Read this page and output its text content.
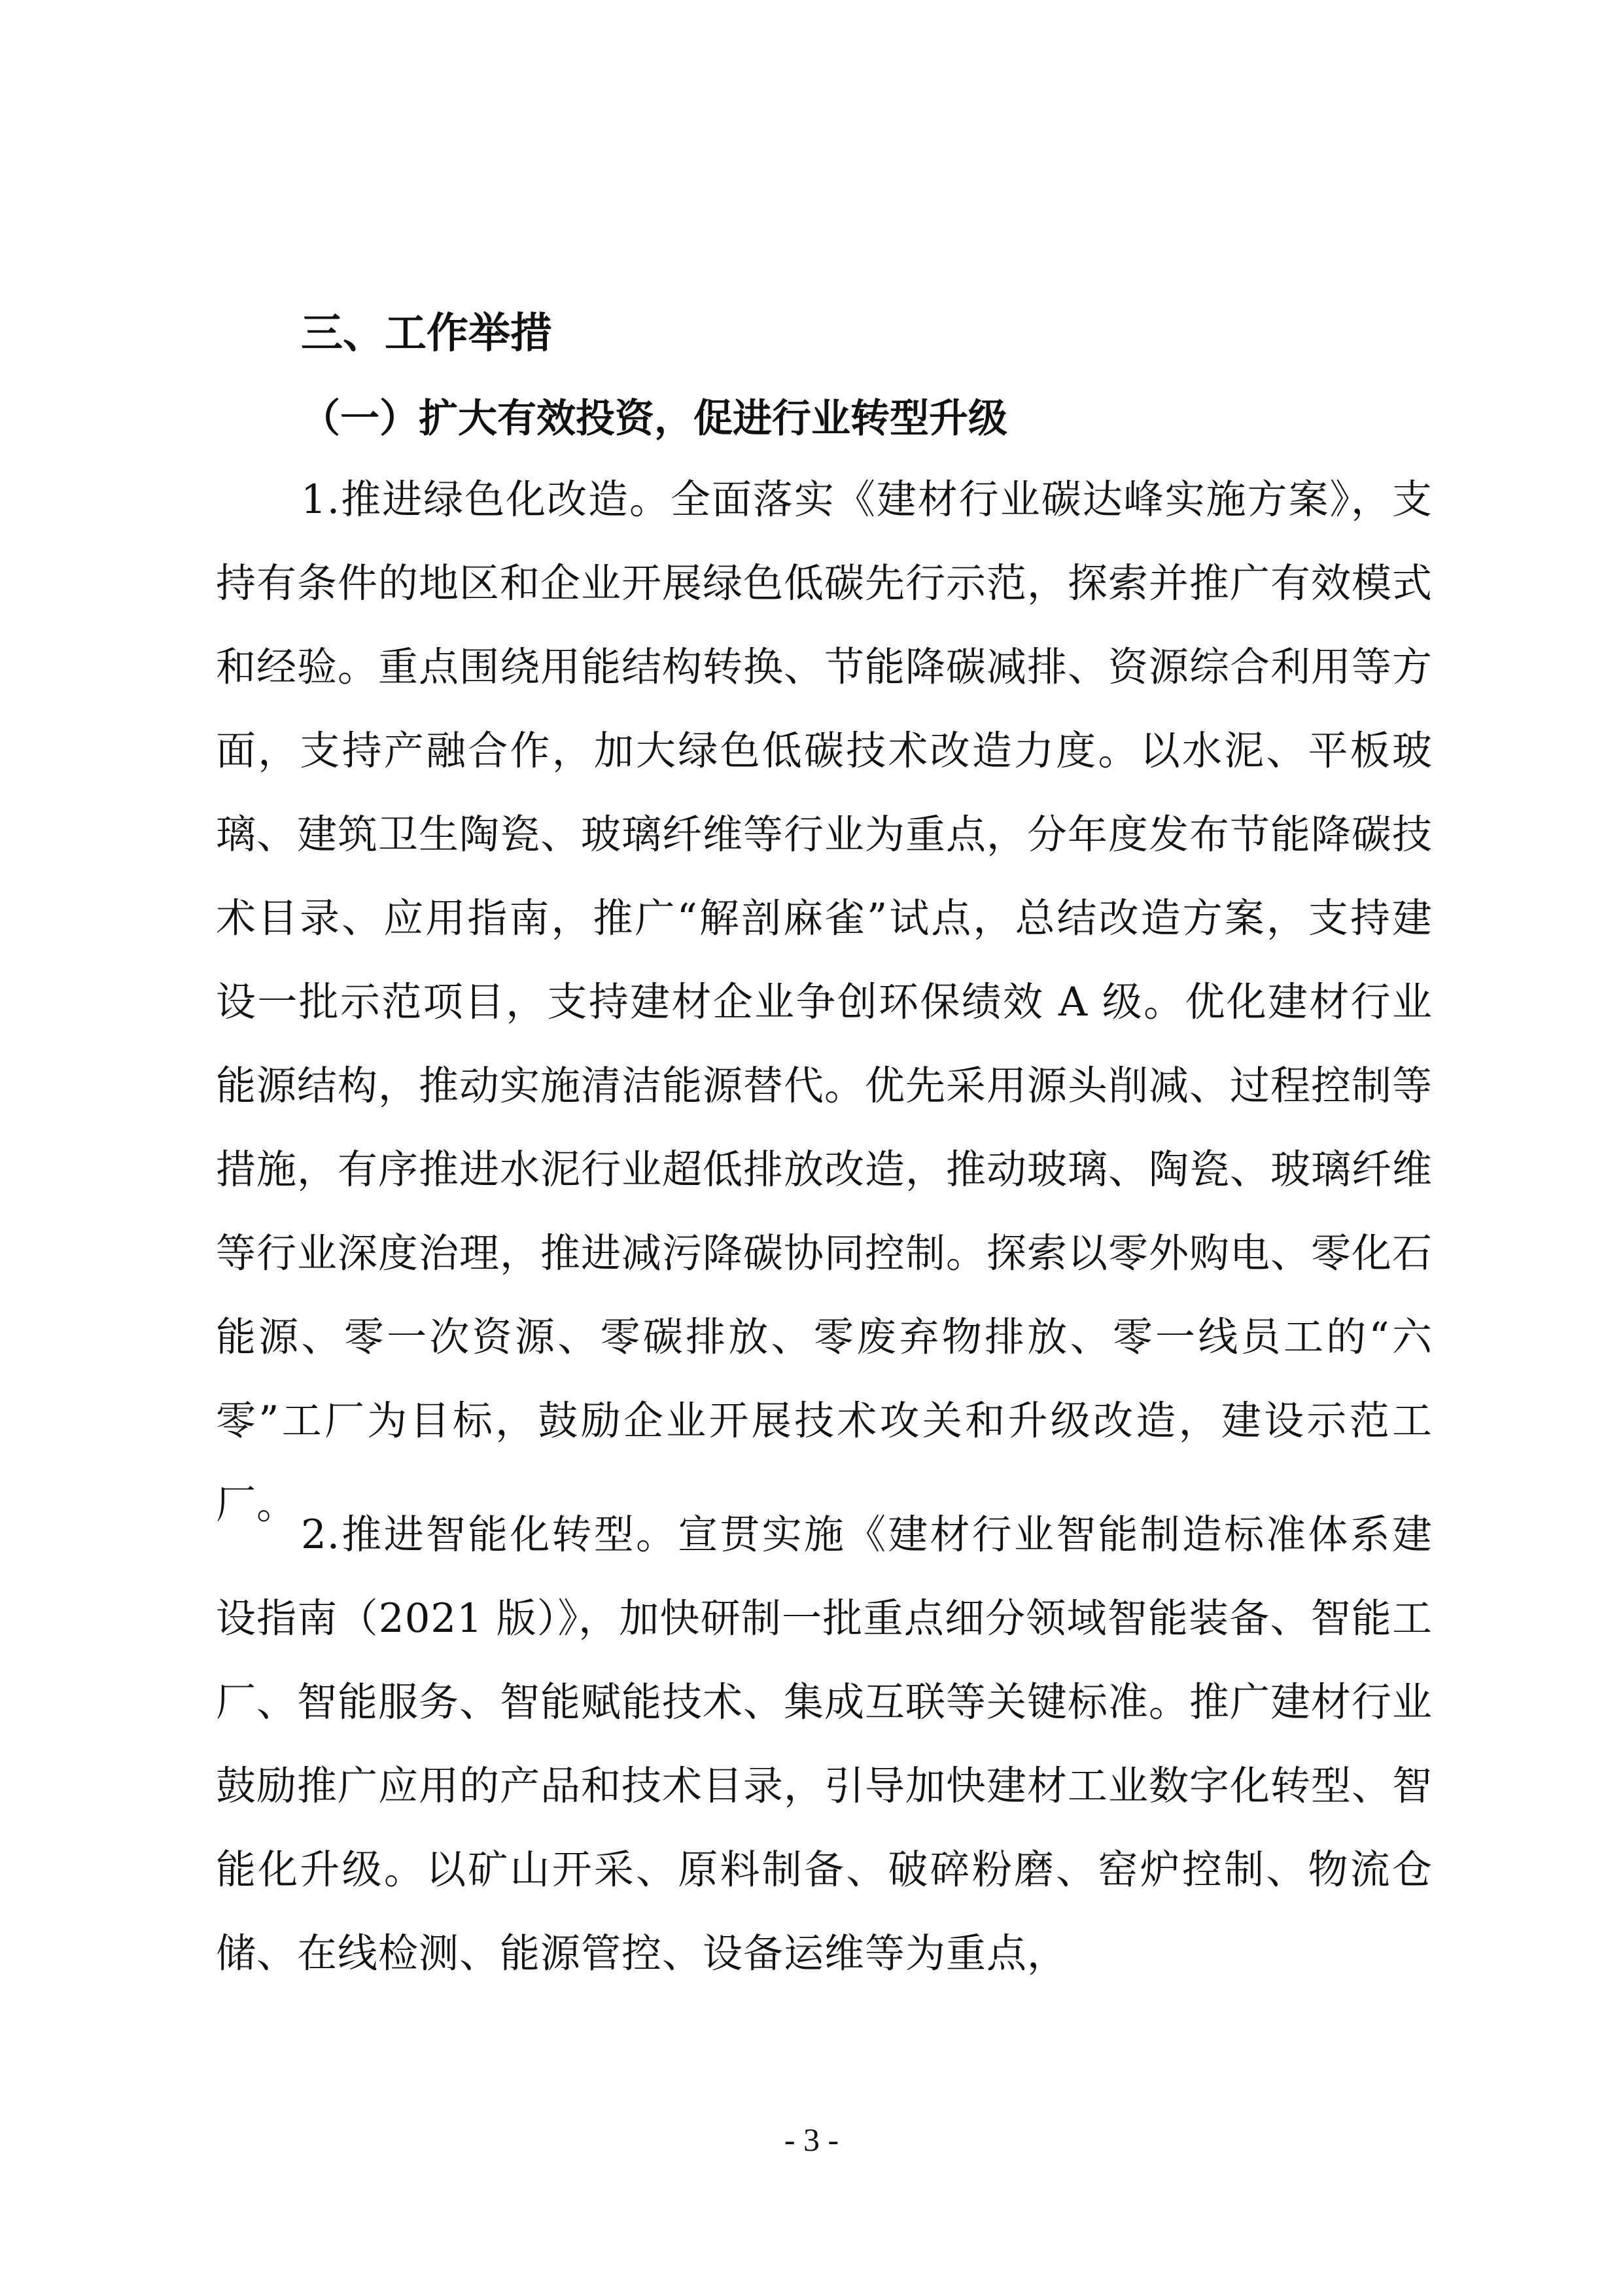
三、工作举措
（一）扩大有效投资，促进行业转型升级

1.推进绿色化改造。全面落实《建材行业碳达峰实施方案》，支持有条件的地区和企业开展绿色低碳先行示范，探索并推广有效模式和经验。重点围绕用能结构转换、节能降碳减排、资源综合利用等方面，支持产融合作，加大绿色低碳技术改造力度。以水泥、平板玻璃、建筑卫生陶瓷、玻璃纤维等行业为重点，分年度发布节能降碳技术目录、应用指南，推广“解剖麻雀”试点，总结改造方案，支持建设一批示范项目，支持建材企业争创环保绩效 A 级。优化建材行业能源结构，推动实施清洁能源替代。优先采用源头削减、过程控制等措施，有序推进水泥行业超低排放改造，推动玻璃、陶瓷、玻璃纤维等行业深度治理，推进减污降碳协同控制。探索以零外购电、零化石能源、零一次资源、零碳排放、零废弃物排放、零一线员工的“六零”工厂为目标，鼓励企业开展技术攻关和升级改造，建设示范工厂。

2.推进智能化转型。宣贯实施《建材行业智能制造标准体系建设指南（2021 版）》，加快研制一批重点细分领域智能装备、智能工厂、智能服务、智能赋能技术、集成互联等关键标准。推广建材行业鼓励推广应用的产品和技术目录，引导加快建材工业数字化转型、智能化升级。以矿山开采、原料制备、破碎粉磨、窑炉控制、物流仓储、在线检测、能源管控、设备运维等为重点，

- 3 -
